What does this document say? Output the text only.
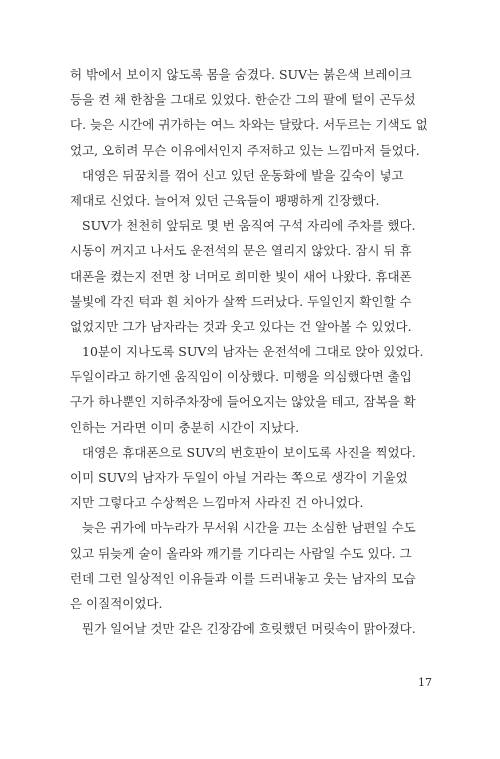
허 밖에서 보이지 않도록 몸을 숨겼다. SUV는 붉은색 브레이크
등을 켠 채 한참을 그대로 있었다. 한순간 그의 팔에 털이 곤두섰
다. 늦은 시간에 귀가하는 여느 차와는 달랐다. 서두르는 기색도 없
었고, 오히려 무슨 이유에서인지 주저하고 있는 느낌마저 들었다.
대영은 뒤꿈치를 꺾어 신고 있던 운동화에 발을 깊숙이 넣고
제대로 신었다. 늘어져 있던 근육들이 팽팽하게 긴장했다.
SUV가 천천히 앞뒤로 몇 번 움직여 구석 자리에 주차를 했다.
시동이 꺼지고 나서도 운전석의 문은 열리지 않았다. 잠시 뒤 휴
대폰을 켰는지 전면 창 너머로 희미한 빛이 새어 나왔다. 휴대폰
불빛에 각진 턱과 흰 치아가 살짝 드러났다. 두일인지 확인할 수
없었지만 그가 남자라는 것과 웃고 있다는 건 알아볼 수 있었다.
10분이 지나도록 SUV의 남자는 운전석에 그대로 앉아 있었다.
두일이라고 하기엔 움직임이 이상했다. 미행을 의심했다면 출입
구가 하나뿐인 지하주차장에 들어오지는 않았을 테고, 잠복을 확
인하는 거라면 이미 충분히 시간이 지났다.
대영은 휴대폰으로 SUV의 번호판이 보이도록 사진을 찍었다.
이미 SUV의 남자가 두일이 아닐 거라는 쪽으로 생각이 기울었
지만 그렇다고 수상쩍은 느낌마저 사라진 건 아니었다.
늦은 귀가에 마누라가 무서워 시간을 끄는 소심한 남편일 수도
있고 뒤늦게 술이 올라와 깨기를 기다리는 사람일 수도 있다. 그
런데 그런 일상적인 이유들과 이를 드러내놓고 웃는 남자의 모습
은 이질적이었다.
뭔가 일어날 것만 같은 긴장감에 흐릿했던 머릿속이 맑아졌다.
17
